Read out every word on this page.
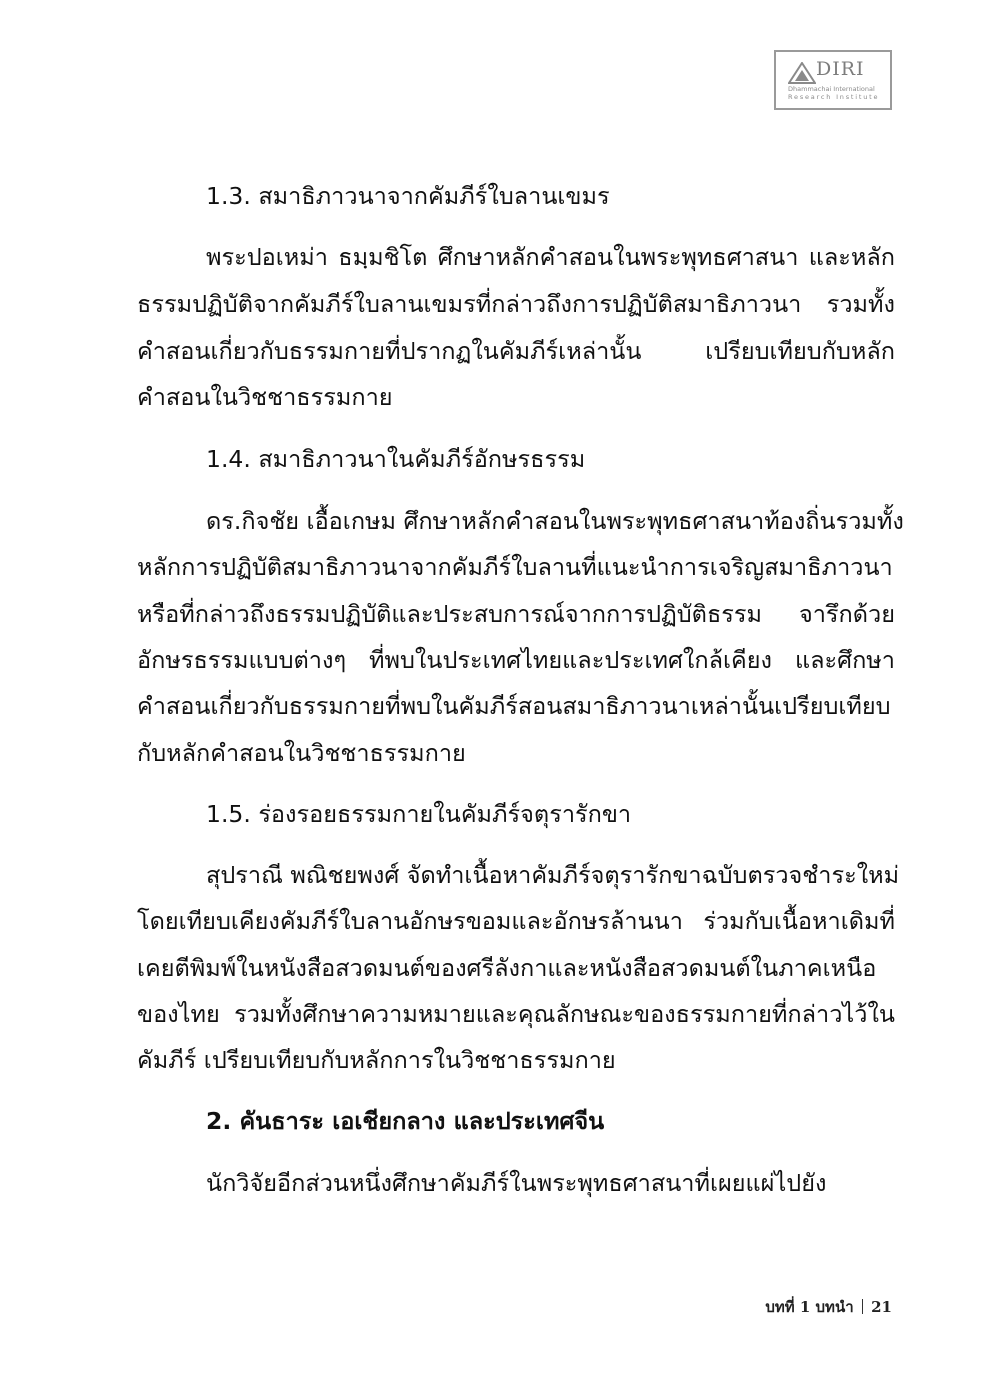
DIRI
Dhammachai International
Research Institute
1.3. สมาธิภาวนาจากคัมภีร์ใบลานเขมร
พระปอเหม่า ธมฺมชิโต ศึกษาหลักคำสอนในพระพุทธศาสนา และหลัก
ธรรมปฏิบัติจากคัมภีร์ใบลานเขมรที่กล่าวถึงการปฏิบัติสมาธิภาวนา รวมทั้ง
คำสอนเกี่ยวกับธรรมกายที่ปรากฏในคัมภีร์เหล่านั้น เปรียบเทียบกับหลัก
คำสอนในวิชชาธรรมกาย
1.4. สมาธิภาวนาในคัมภีร์อักษรธรรม
ดร.กิจชัย เอื้อเกษม ศึกษาหลักคำสอนในพระพุทธศาสนาท้องถิ่นรวมทั้ง
หลักการปฏิบัติสมาธิภาวนาจากคัมภีร์ใบลานที่แนะนำการเจริญสมาธิภาวนา
หรือที่กล่าวถึงธรรมปฏิบัติและประสบการณ์จากการปฏิบัติธรรม จารึกด้วย
อักษรธรรมแบบต่างๆ ที่พบในประเทศไทยและประเทศใกล้เคียง และศึกษา
คำสอนเกี่ยวกับธรรมกายที่พบในคัมภีร์สอนสมาธิภาวนาเหล่านั้นเปรียบเทียบ
กับหลักคำสอนในวิชชาธรรมกาย
1.5. ร่องรอยธรรมกายในคัมภีร์จตุรารักขา
สุปราณี พณิชยพงศ์ จัดทำเนื้อหาคัมภีร์จตุรารักขาฉบับตรวจชำระใหม่
โดยเทียบเคียงคัมภีร์ใบลานอักษรขอมและอักษรล้านนา ร่วมกับเนื้อหาเดิมที่
เคยตีพิมพ์ในหนังสือสวดมนต์ของศรีลังกาและหนังสือสวดมนต์ในภาคเหนือ
ของไทย รวมทั้งศึกษาความหมายและคุณลักษณะของธรรมกายที่กล่าวไว้ใน
คัมภีร์ เปรียบเทียบกับหลักการในวิชชาธรรมกาย
2. คันธาระ เอเชียกลาง และประเทศจีน
นักวิจัยอีกส่วนหนึ่งศึกษาคัมภีร์ในพระพุทธศาสนาที่เผยแผ่ไปยัง
บทที่ 1 บทนำ 21
